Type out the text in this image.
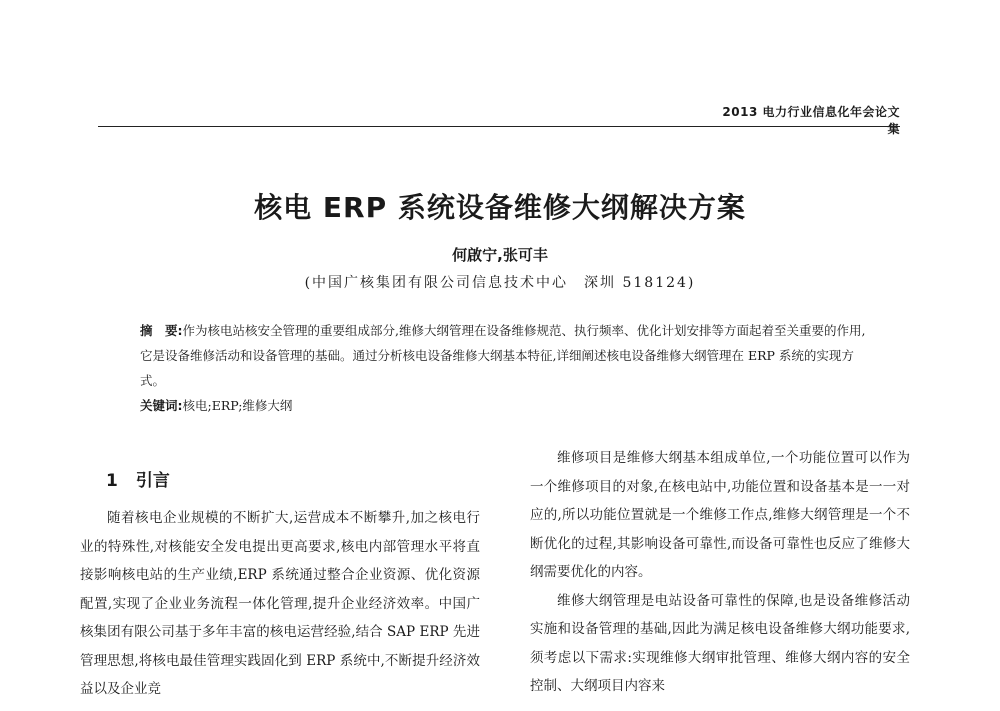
2013 电力行业信息化年会论文集
核电 ERP 系统设备维修大纲解决方案
何啟宁,张可丰
(中国广核集团有限公司信息技术中心　深圳 518124)
摘　要:作为核电站核安全管理的重要组成部分,维修大纲管理在设备维修规范、执行频率、优化计划安排等方面起着至关重要的作用,它是设备维修活动和设备管理的基础。通过分析核电设备维修大纲基本特征,详细阐述核电设备维修大纲管理在 ERP 系统的实现方式。
关键词:核电;ERP;维修大纲
1 引言

随着核电企业规模的不断扩大,运营成本不断攀升,加之核电行业的特殊性,对核能安全发电提出更高要求,核电内部管理水平将直接影响核电站的生产业绩,ERP 系统通过整合企业资源、优化资源配置,实现了企业业务流程一体化管理,提升企业经济效率。中国广核集团有限公司基于多年丰富的核电运营经验,结合 SAP ERP 先进管理思想,将核电最佳管理实践固化到 ERP 系统中,不断提升经济效益以及企业竞

维修项目是维修大纲基本组成单位,一个功能位置可以作为一个维修项目的对象,在核电站中,功能位置和设备基本是一一对应的,所以功能位置就是一个维修工作点,维修大纲管理是一个不断优化的过程,其影响设备可靠性,而设备可靠性也反应了维修大纲需要优化的内容。

维修大纲管理是电站设备可靠性的保障,也是设备维修活动实施和设备管理的基础,因此为满足核电设备维修大纲功能要求,须考虑以下需求:实现维修大纲审批管理、维修大纲内容的安全控制、大纲项目内容来
